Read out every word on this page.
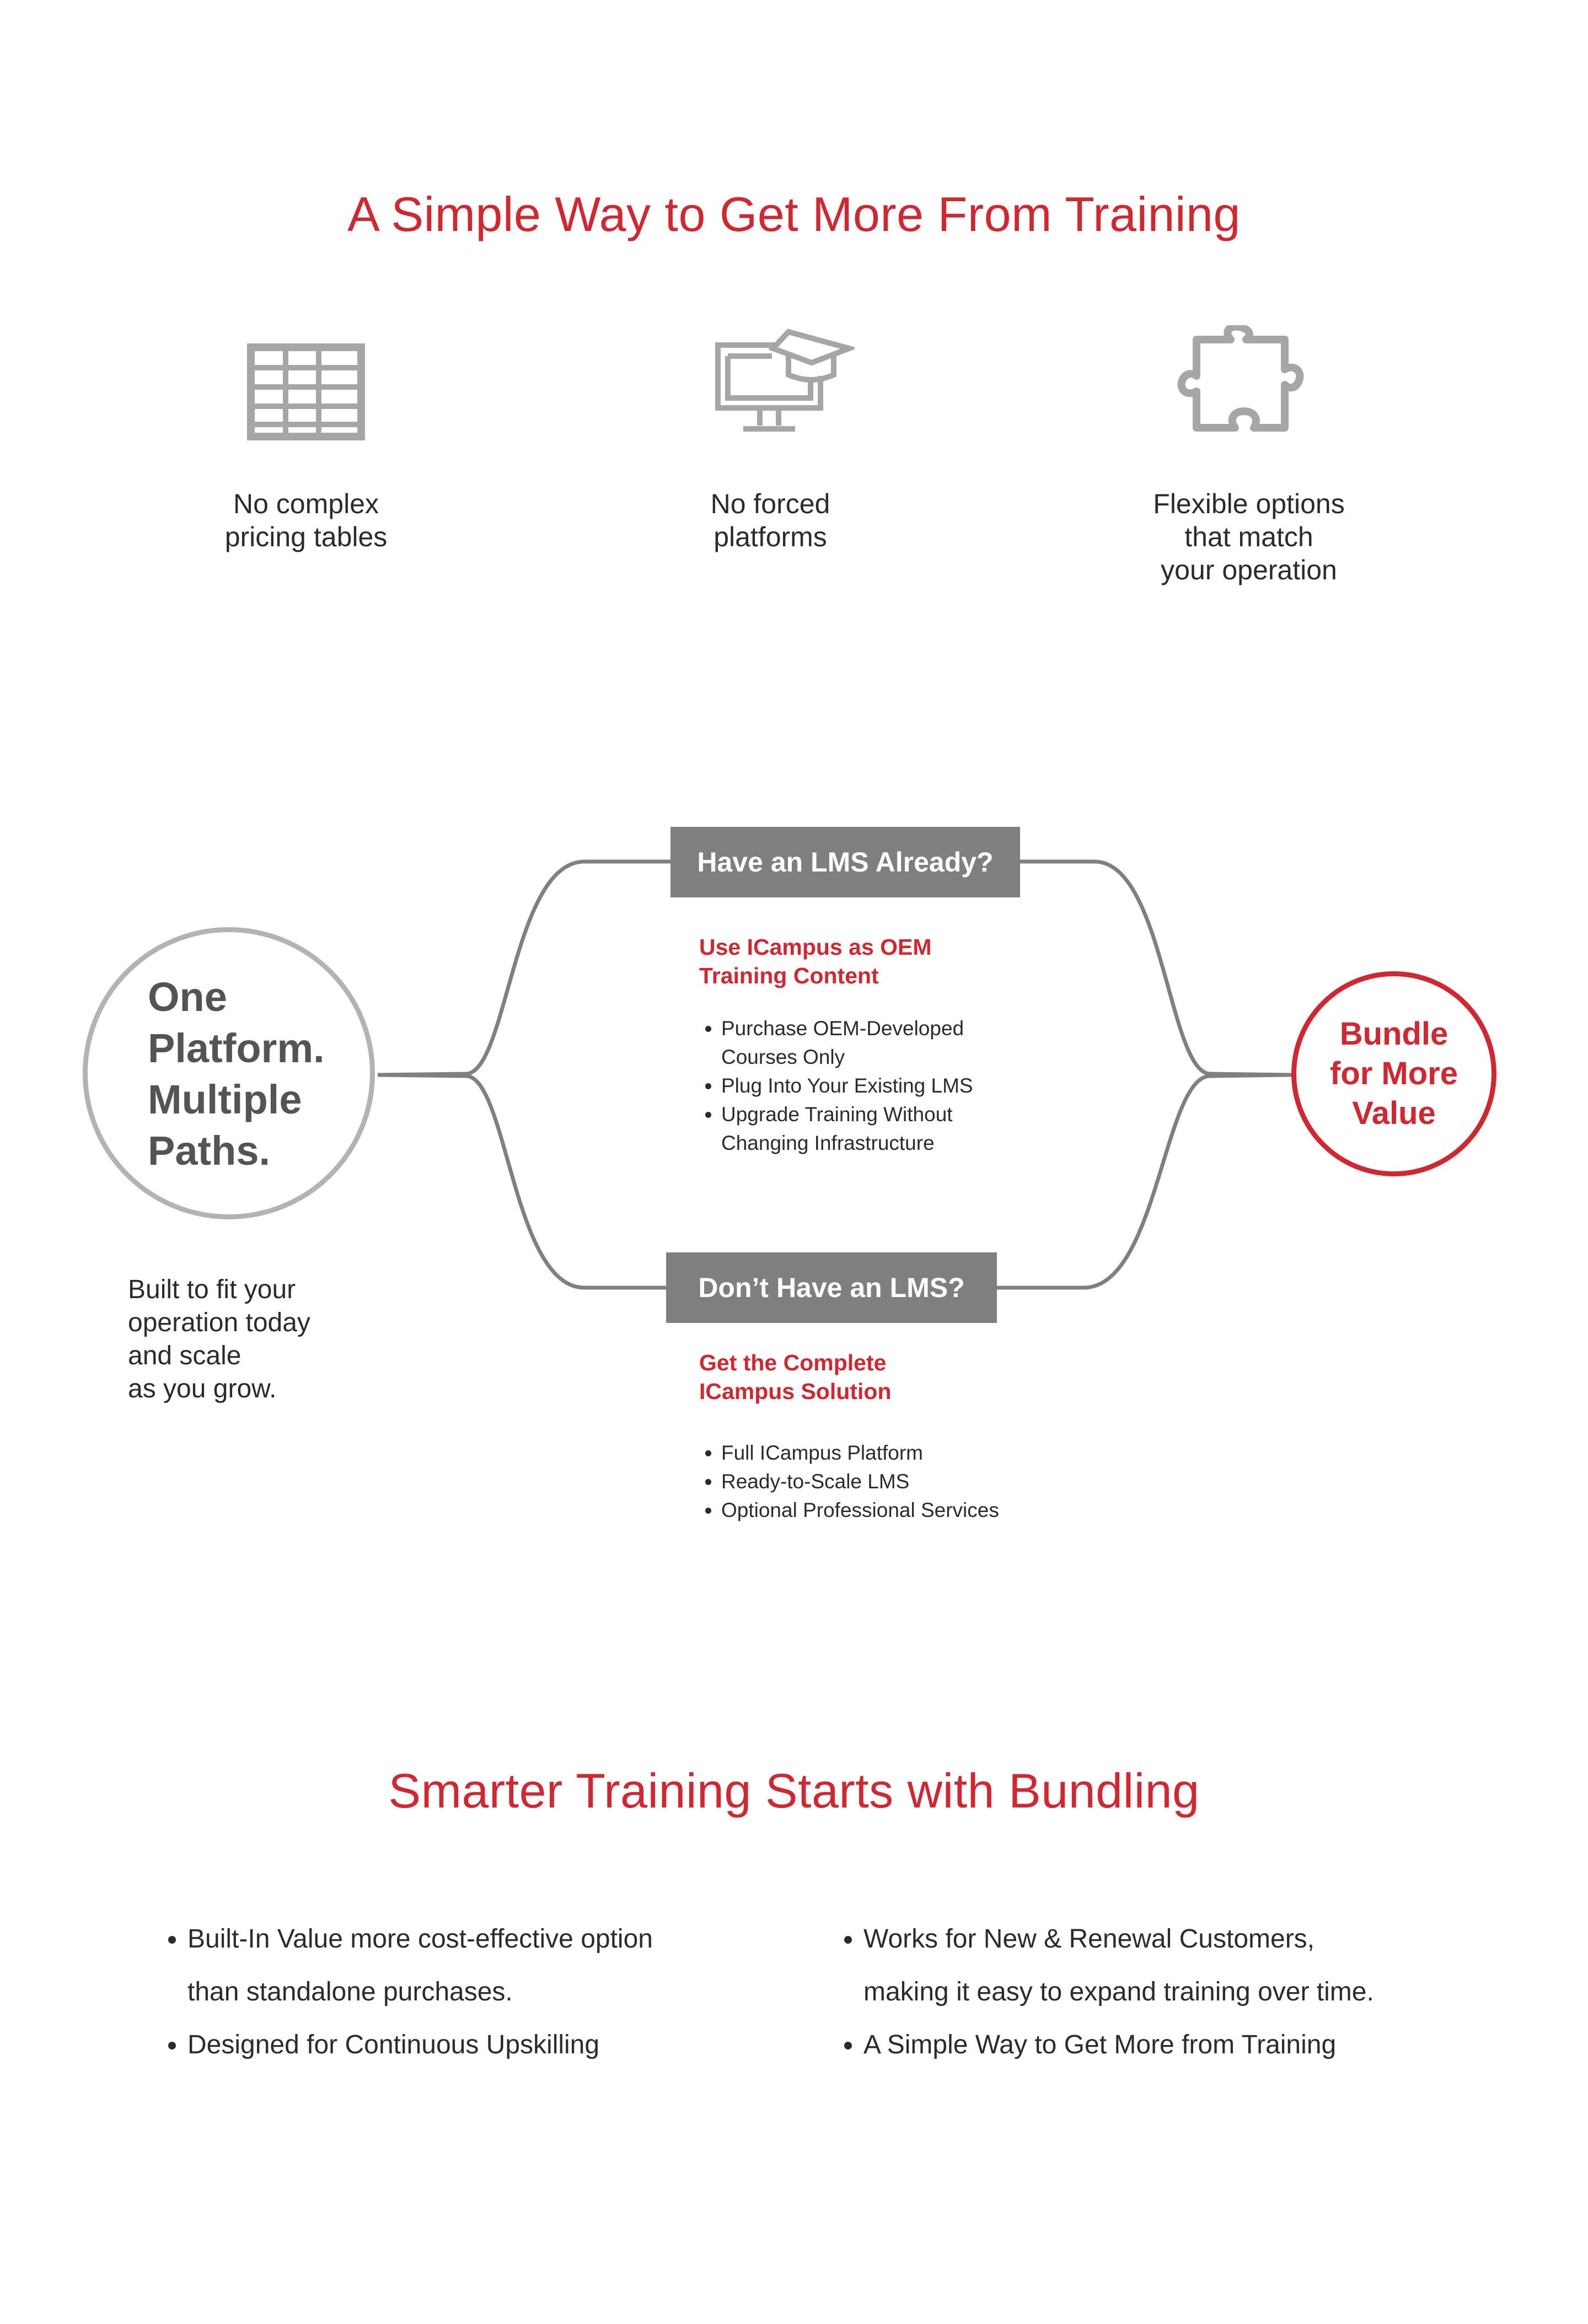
A Simple Way to Get More From Training
No complex
pricing tables
No forced
platforms
Flexible options
that match
your operation
One
Platform.
Multiple
Paths.
Built to fit your
operation today
and scale
as you grow.
Have an LMS Already?
Use ICampus as OEM
Training Content
• Purchase OEM-Developed
Courses Only
• Plug Into Your Existing LMS
• Upgrade Training Without
Changing Infrastructure
Don’t Have an LMS?
Get the Complete
ICampus Solution
• Full ICampus Platform
• Ready-to-Scale LMS
• Optional Professional Services
Bundle
for More
Value
Smarter Training Starts with Bundling
• Built-In Value more cost-effective option
than standalone purchases.
• Designed for Continuous Upskilling
• Works for New & Renewal Customers,
making it easy to expand training over time.
• A Simple Way to Get More from Training
